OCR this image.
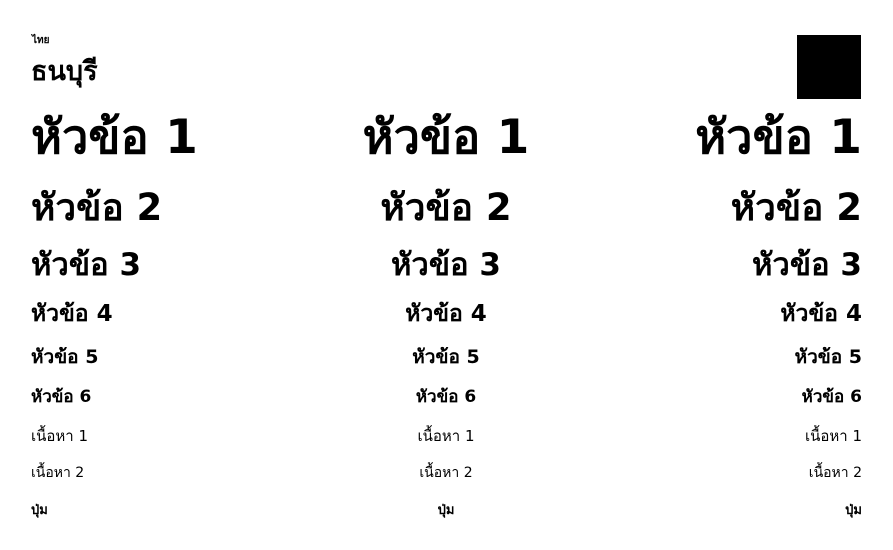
ไทย
ธนบุรี
หัวข้อ 1
หัวข้อ 2
หัวข้อ 3
หัวข้อ 4
หัวข้อ 5
หัวข้อ 6
เนื้อหา 1
เนื้อหา 2
ปุ่ม
หัวข้อ 1
หัวข้อ 2
หัวข้อ 3
หัวข้อ 4
หัวข้อ 5
หัวข้อ 6
เนื้อหา 1
เนื้อหา 2
ปุ่ม
หัวข้อ 1
หัวข้อ 2
หัวข้อ 3
หัวข้อ 4
หัวข้อ 5
หัวข้อ 6
เนื้อหา 1
เนื้อหา 2
ปุ่ม
